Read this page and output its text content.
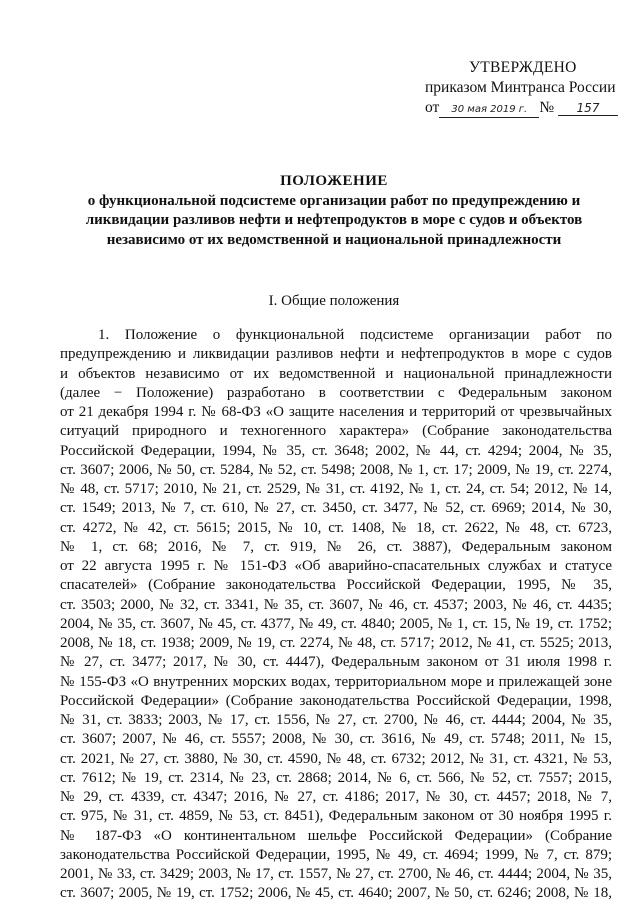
УТВЕРЖДЕНО
приказом Минтранса России
от 30 мая 2019 г. № 157
ПОЛОЖЕНИЕ
о функциональной подсистеме организации работ по предупреждению и
ликвидации разливов нефти и нефтепродуктов в море с судов и объектов
независимо от их ведомственной и национальной принадлежности
I. Общие положения
1. Положение о функциональной подсистеме организации работ по
предупреждению и ликвидации разливов нефти и нефтепродуктов в море с судов
и объектов независимо от их ведомственной и национальной принадлежности
(далее − Положение) разработано в соответствии с Федеральным законом
от 21 декабря 1994 г. № 68-ФЗ «О защите населения и территорий от чрезвычайных
ситуаций природного и техногенного характера» (Собрание законодательства
Российской Федерации, 1994, № 35, ст. 3648; 2002, № 44, ст. 4294; 2004, № 35,
ст. 3607; 2006, № 50, ст. 5284, № 52, ст. 5498; 2008, № 1, ст. 17; 2009, № 19, ст. 2274,
№ 48, ст. 5717; 2010, № 21, ст. 2529, № 31, ст. 4192, № 1, ст. 24, ст. 54; 2012, № 14,
ст. 1549; 2013, № 7, ст. 610, № 27, ст. 3450, ст. 3477, № 52, ст. 6969; 2014, № 30,
ст. 4272, № 42, ст. 5615; 2015, № 10, ст. 1408, № 18, ст. 2622, № 48, ст. 6723,
№ 1, ст. 68; 2016, № 7, ст. 919, № 26, ст. 3887), Федеральным законом
от 22 августа 1995 г. № 151-ФЗ «Об аварийно-спасательных службах и статусе
спасателей» (Собрание законодательства Российской Федерации, 1995, № 35,
ст. 3503; 2000, № 32, ст. 3341, № 35, ст. 3607, № 46, ст. 4537; 2003, № 46, ст. 4435;
2004, № 35, ст. 3607, № 45, ст. 4377, № 49, ст. 4840; 2005, № 1, ст. 15, № 19, ст. 1752;
2008, № 18, ст. 1938; 2009, № 19, ст. 2274, № 48, ст. 5717; 2012, № 41, ст. 5525; 2013,
№ 27, ст. 3477; 2017, № 30, ст. 4447), Федеральным законом от 31 июля 1998 г.
№ 155-ФЗ «О внутренних морских водах, территориальном море и прилежащей зоне
Российской Федерации» (Собрание законодательства Российской Федерации, 1998,
№ 31, ст. 3833; 2003, № 17, ст. 1556, № 27, ст. 2700, № 46, ст. 4444; 2004, № 35,
ст. 3607; 2007, № 46, ст. 5557; 2008, № 30, ст. 3616, № 49, ст. 5748; 2011, № 15,
ст. 2021, № 27, ст. 3880, № 30, ст. 4590, № 48, ст. 6732; 2012, № 31, ст. 4321, № 53,
ст. 7612; № 19, ст. 2314, № 23, ст. 2868; 2014, № 6, ст. 566, № 52, ст. 7557; 2015,
№ 29, ст. 4339, ст. 4347; 2016, № 27, ст. 4186; 2017, № 30, ст. 4457; 2018, № 7,
ст. 975, № 31, ст. 4859, № 53, ст. 8451), Федеральным законом от 30 ноября 1995 г.
№ 187-ФЗ «О континентальном шельфе Российской Федерации» (Собрание
законодательства Российской Федерации, 1995, № 49, ст. 4694; 1999, № 7, ст. 879;
2001, № 33, ст. 3429; 2003, № 17, ст. 1557, № 27, ст. 2700, № 46, ст. 4444; 2004, № 35,
ст. 3607; 2005, № 19, ст. 1752; 2006, № 45, ст. 4640; 2007, № 50, ст. 6246; 2008, № 18,
